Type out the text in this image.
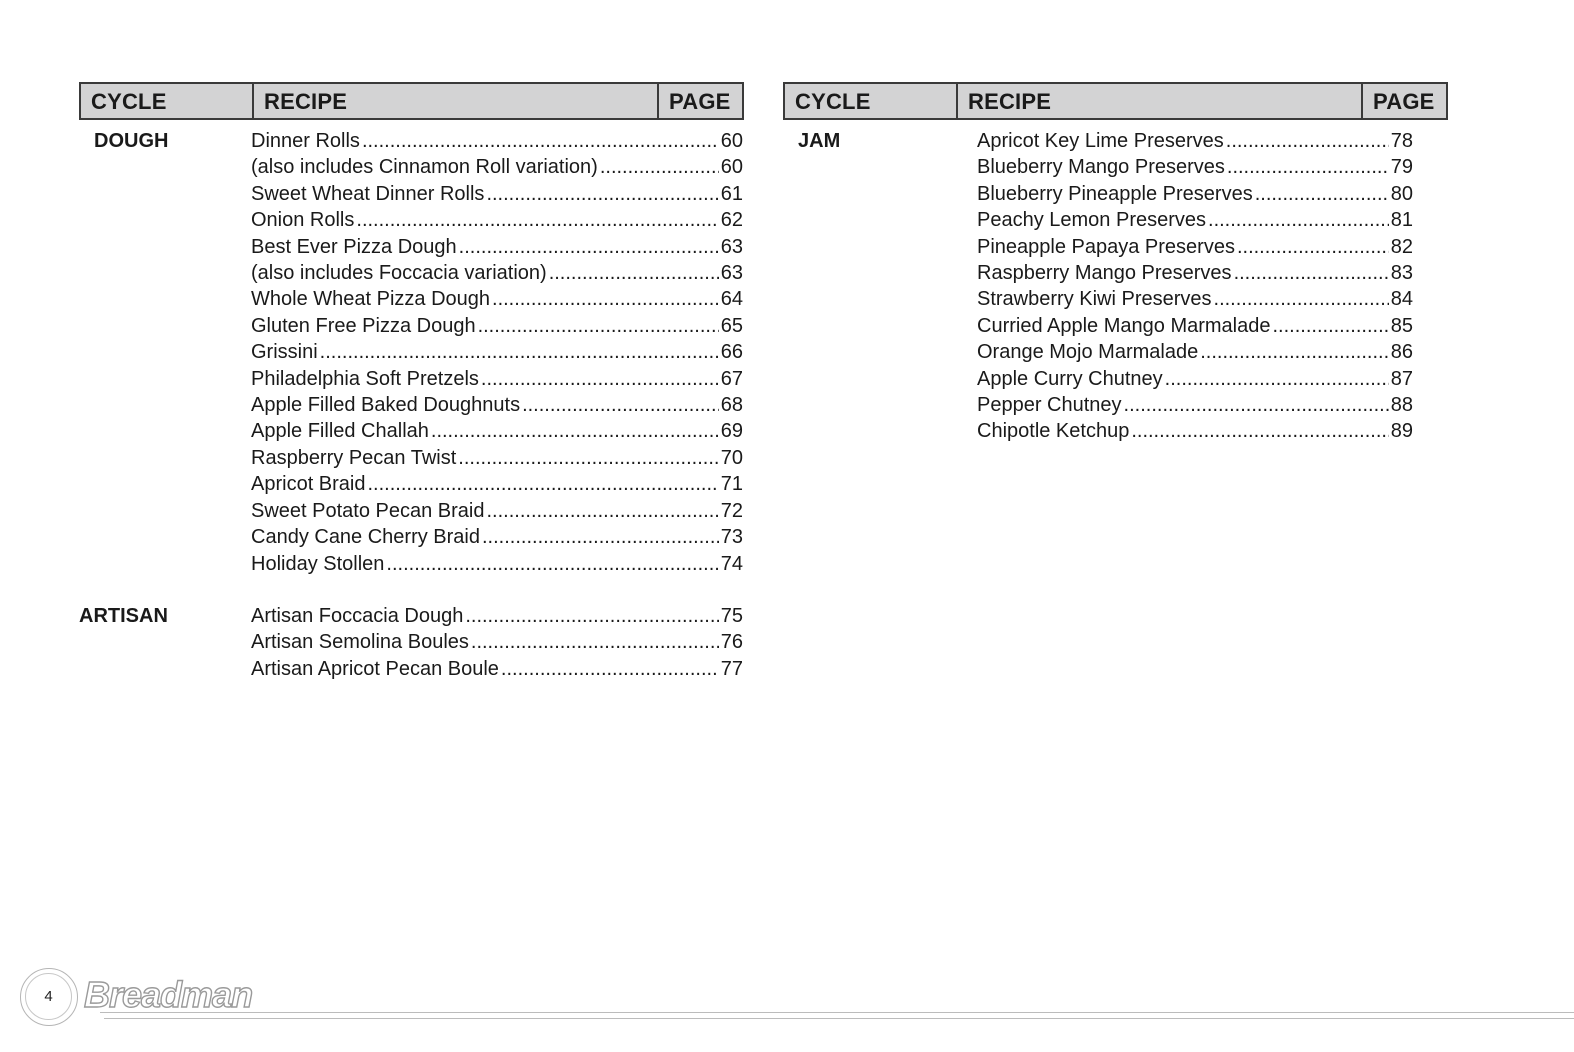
CYCLE	RECIPE	PAGE
DOUGH	Dinner Rolls .....	60
(also includes Cinnamon Roll variation) .....	60
Sweet Wheat Dinner Rolls .....	61
Onion Rolls .....	62
Best Ever Pizza Dough .....	63
(also includes Foccacia variation) .....	63
Whole Wheat Pizza Dough .....	64
Gluten Free Pizza Dough .....	65
Grissini .....	66
Philadelphia Soft Pretzels .....	67
Apple Filled Baked Doughnuts .....	68
Apple Filled Challah .....	69
Raspberry Pecan Twist .....	70
Apricot Braid .....	71
Sweet Potato Pecan Braid .....	72
Candy Cane Cherry Braid .....	73
Holiday Stollen .....	74
ARTISAN	Artisan Foccacia Dough .....	75
Artisan Semolina Boules .....	76
Artisan Apricot Pecan Boule .....	77
CYCLE	RECIPE	PAGE
JAM	Apricot Key Lime Preserves .....	78
Blueberry Mango Preserves .....	79
Blueberry Pineapple Preserves .....	80
Peachy Lemon Preserves .....	81
Pineapple Papaya Preserves .....	82
Raspberry Mango Preserves .....	83
Strawberry Kiwi Preserves .....	84
Curried Apple Mango Marmalade .....	85
Orange Mojo Marmalade .....	86
Apple Curry Chutney .....	87
Pepper Chutney .....	88
Chipotle Ketchup .....	89
4 Breadman
